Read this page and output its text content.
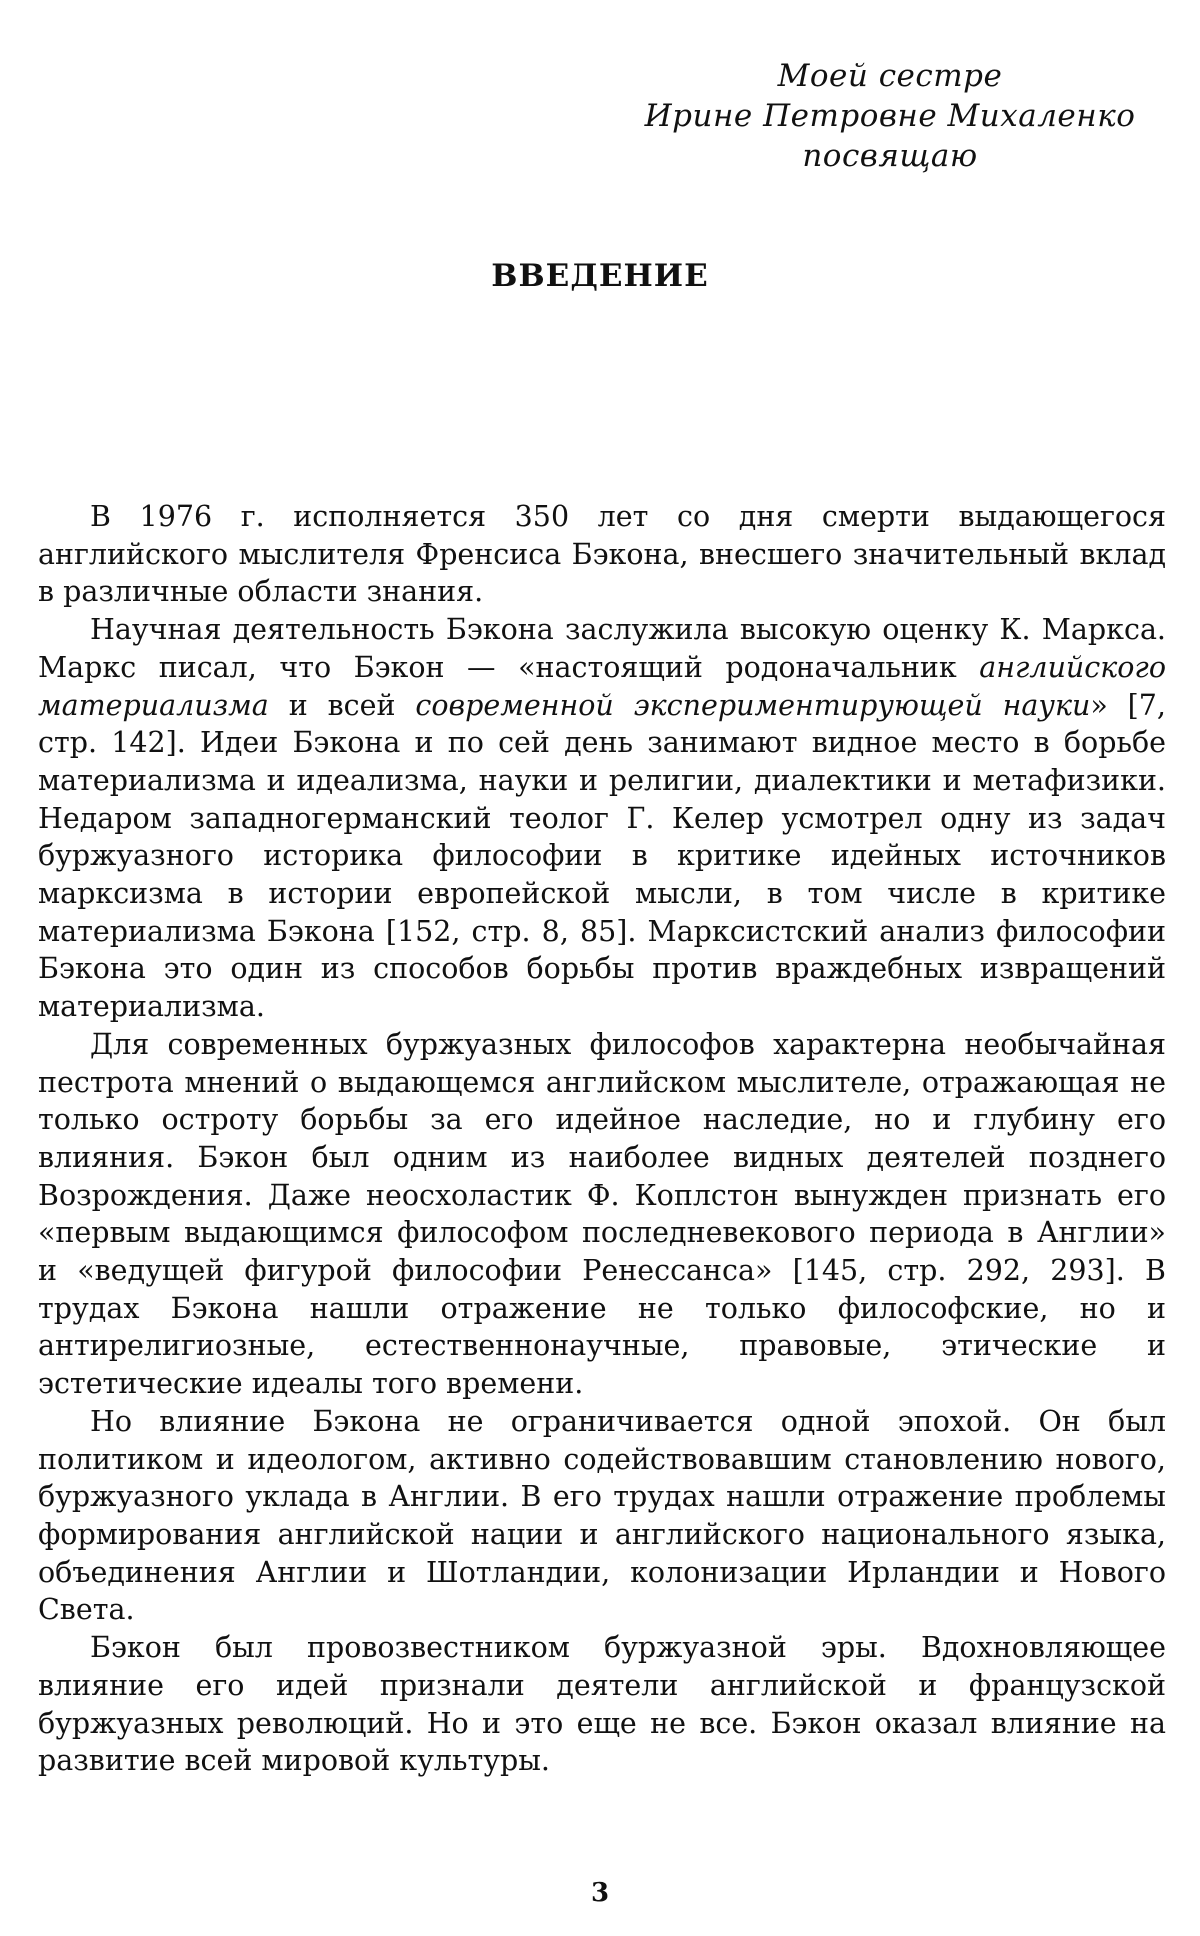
Моей сестре
Ирине Петровне Михаленко
посвящаю
ВВЕДЕНИЕ

В 1976 г. исполняется 350 лет со дня смерти выдающегося английского мыслителя Френсиса Бэкона, внесшего значительный вклад в различные области знания.

Научная деятельность Бэкона заслужила высокую оценку К. Маркса. Маркс писал, что Бэкон — «настоящий родоначальник английского материализма и всей современной экспериментирующей науки» [7, стр. 142]. Идеи Бэкона и по сей день занимают видное место в борьбе материализма и идеализма, науки и религии, диалектики и метафизики. Недаром западногерманский теолог Г. Келер усмотрел одну из задач буржуазного историка философии в критике идейных источников марксизма в истории европейской мысли, в том числе в критике материализма Бэкона [152, стр. 8, 85]. Марксистский анализ философии Бэкона это один из способов борьбы против враждебных извращений материализма.

Для современных буржуазных философов характерна необычайная пестрота мнений о выдающемся английском мыслителе, отражающая не только остроту борьбы за его идейное наследие, но и глубину его влияния. Бэкон был одним из наиболее видных деятелей позднего Возрождения. Даже неосхоластик Ф. Коплстон вынужден признать его «первым выдающимся философом последневекового периода в Англии» и «ведущей фигурой философии Ренессанса» [145, стр. 292, 293]. В трудах Бэкона нашли отражение не только философские, но и антирелигиозные, естественнонаучные, правовые, этические и эстетические идеалы того времени.

Но влияние Бэкона не ограничивается одной эпохой. Он был политиком и идеологом, активно содействовавшим становлению нового, буржуазного уклада в Англии. В его трудах нашли отражение проблемы формирования английской нации и английского национального языка, объединения Англии и Шотландии, колонизации Ирландии и Нового Света.

Бэкон был провозвестником буржуазной эры. Вдохновляющее влияние его идей признали деятели английской и французской буржуазных революций. Но и это еще не все. Бэкон оказал влияние на развитие всей мировой культуры.

3
